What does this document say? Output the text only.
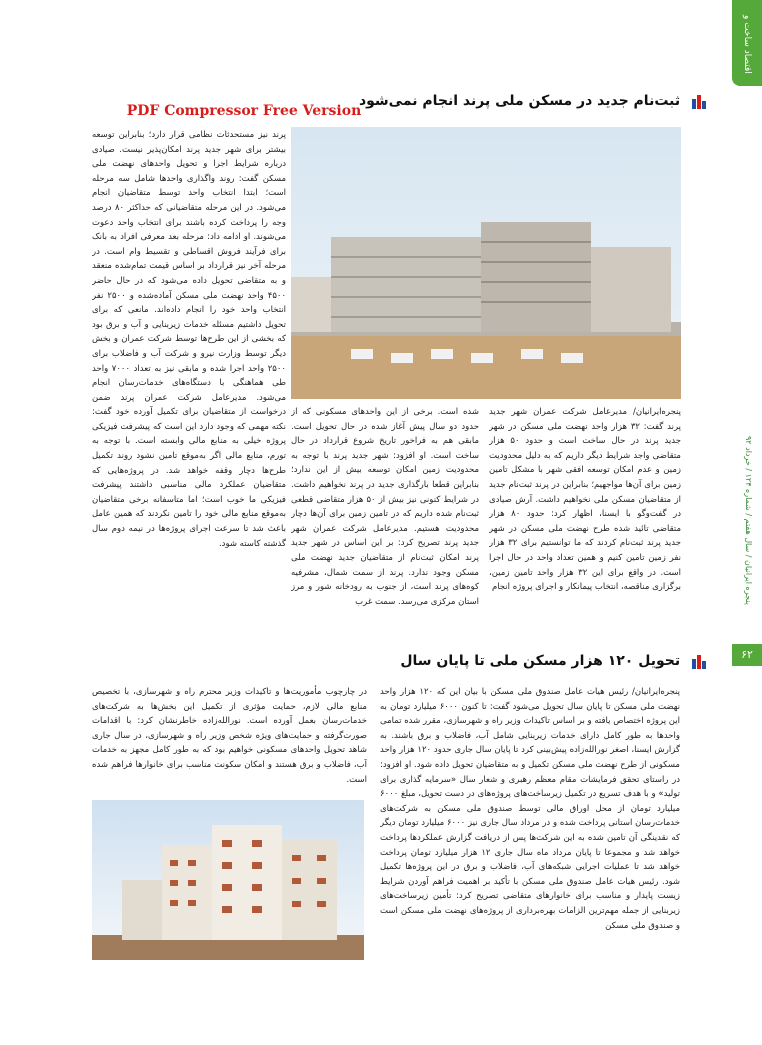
اقتصاد ساخت و ساز
پنجره ایرانیان / سال هفتم / شماره ۱۲۴ / خرداد ۹۲
۶۲
PDF Compressor Free Version
ثبت‌نام جدید در مسکن ملی پرند انجام نمی‌شود
پرند نیز مستحدثات نظامی قرار دارد؛ بنابراین توسعه بیشتر برای شهر جدید پرند امکان‌پذیر نیست. صیادی درباره شرایط اجرا و تحویل واحدهای نهضت ملی مسکن گفت: روند واگذاری واحدها شامل سه مرحله است؛ ابتدا انتخاب واحد توسط متقاضیان انجام می‌شود. در این مرحله متقاضیانی که حداکثر ۸۰ درصد وجه را پرداخت کرده باشند برای انتخاب واحد دعوت می‌شوند. او ادامه داد: مرحله بعد معرفی افراد به بانک برای فرآیند فروش اقساطی و تقسیط وام است. در مرحله آخر نیز قرارداد بر اساس قیمت تمام‌شده منعقد و به متقاضی تحویل داده می‌شود که در حال حاضر ۴۵۰۰ واحد نهضت ملی مسکن آماده‌شده و ۲۵۰۰ نفر انتخاب واحد خود را انجام داده‌اند. مانعی که برای تحویل داشتیم مسئله خدمات زیربنایی و آب و برق بود که بخشی از این طرح‌ها توسط شرکت عمران و بخش دیگر توسط وزارت نیرو و شرکت آب و فاضلاب برای ۲۵۰۰ واحد اجرا شده و مابقی نیز به تعداد ۷۰۰۰ واحد طی هماهنگی با دستگاه‌های خدمات‌رسان انجام می‌شود. مدیرعامل شرکت عمران پرند ضمن درخواست از متقاضیان برای تکمیل آورده خود گفت: نکته مهمی که وجود دارد این است که پیشرفت فیزیکی پروژه خیلی به منابع مالی وابسته است. با توجه به تورم، منابع مالی اگر به‌موقع تامین نشود روند تکمیل طرح‌ها دچار وقفه خواهد شد. در پروژه‌هایی که متقاضیان عملکرد مالی مناسبی داشتند پیشرفت فیزیکی ما خوب است؛ اما متاسفانه برخی متقاضیان به‌موقع منابع مالی خود را تامین نکردند که همین عامل باعث شد تا سرعت اجرای پروژه‌ها در نیمه دوم سال گذشته کاسته شود.
شده است. برخی از این واحدهای مسکونی که از حدود دو سال پیش آغاز شده در حال تحویل است. مابقی هم به فراخور تاریخ شروع قرارداد در حال ساخت است. او افزود: شهر جدید پرند با توجه به محدودیت زمین امکان توسعه بیش از این ندارد؛ بنابراین قطعا بارگذاری جدید در پرند نخواهیم داشت. در شرایط کنونی نیز بیش از ۵۰ هزار متقاضی قطعی ثبت‌نام شده داریم که در تامین زمین برای آن‌ها دچار محدودیت هستیم. مدیرعامل شرکت عمران شهر جدید پرند تصریح کرد: بر این اساس در شهر جدید پرند امکان ثبت‌نام از متقاضیان جدید نهضت ملی مسکن وجود ندارد. پرند از سمت شمال، مشرفیه کوه‌های پرند است، از جنوب به رودخانه شور و مرز استان مرکزی می‌رسد. سمت غرب
پنجره‌ایرانیان/ مدیرعامل شرکت عمران شهر جدید پرند گفت: ۳۲ هزار واحد نهضت ملی مسکن در شهر جدید پرند در حال ساخت است و حدود ۵۰ هزار متقاضی واجد شرایط دیگر داریم که به دلیل محدودیت زمین و عدم امکان توسعه افقی شهر با مشکل تامین زمین برای آن‌ها مواجهیم؛ بنابراین در پرند ثبت‌نام جدید از متقاضیان مسکن ملی نخواهیم داشت. آرش صیادی در گفت‌وگو با ایسنا، اظهار کرد: حدود ۸۰ هزار متقاضی تائید شده طرح نهضت ملی مسکن در شهر جدید پرند ثبت‌نام کردند که ما توانستیم برای ۳۲ هزار نفر زمین تامین کنیم و همین تعداد واحد در حال اجرا است. در واقع برای این ۳۲ هزار واحد تامین زمین، برگزاری مناقصه، انتخاب پیمانکار و اجرای پروژه انجام
تحویل ۱۲۰ هزار مسکن ملی تا پایان سال
پنجره‌ایرانیان/ رئیس هیات عامل صندوق ملی مسکن با بیان این که ۱۲۰ هزار واحد نهضت ملی مسکن تا پایان سال تحویل می‌شود گفت: تا کنون ۶۰۰۰ میلیارد تومان به این پروژه اختصاص یافته و بر اساس تاکیدات وزیر راه و شهرسازی، مقرر شده تمامی واحدها به طور کامل دارای خدمات زیربنایی شامل آب، فاضلاب و برق باشند. به گزارش ایسنا، اصغر نورالله‌زاده پیش‌بینی کرد تا پایان سال جاری حدود ۱۲۰ هزار واحد مسکونی از طرح نهضت ملی مسکن تکمیل و به متقاضیان تحویل داده شود. او افزود: در راستای تحقق فرمایشات مقام معظم رهبری و شعار سال «سرمایه گذاری برای تولید» و با هدف تسریع در تکمیل زیرساخت‌های پروژه‌های در دست تحویل، مبلغ ۶۰۰۰ میلیارد تومان از محل اوراق مالی توسط صندوق ملی مسکن به شرکت‌های خدمات‌رسان استانی پرداخت شده و در مرداد سال جاری نیز ۶۰۰۰ میلیارد تومان دیگر که نقدینگی آن تامین شده به این شرکت‌ها پس از دریافت گزارش عملکردها پرداخت خواهد شد و مجموعا تا پایان مرداد ماه سال جاری ۱۲ هزار میلیارد تومان پرداخت خواهد شد تا عملیات اجرایی شبکه‌های آب، فاضلاب و برق در این پروژه‌ها تکمیل شود. رئیس هیات عامل صندوق ملی مسکن با تأکید بر اهمیت فراهم آوردن شرایط زیست پایدار و مناسب برای خانوارهای متقاضی تصریح کرد: تأمین زیرساخت‌های زیربنایی از جمله مهم‌ترین الزامات بهره‌برداری از پروژه‌های نهضت ملی مسکن است و صندوق ملی مسکن
در چارچوب مأموریت‌ها و تاکیدات وزیر محترم راه و شهرسازی، با تخصیص منابع مالی لازم، حمایت مؤثری از تکمیل این بخش‌ها به شرکت‌های خدمات‌رسان بعمل آورده است. نورالله‌زاده خاطرنشان کرد: با اقدامات صورت‌گرفته و حمایت‌های ویژه شخص وزیر راه و شهرسازی، در سال جاری شاهد تحویل واحدهای مسکونی خواهیم بود که به طور کامل مجهز به خدمات آب، فاضلاب و برق هستند و امکان سکونت مناسب برای خانوارها فراهم شده است.
